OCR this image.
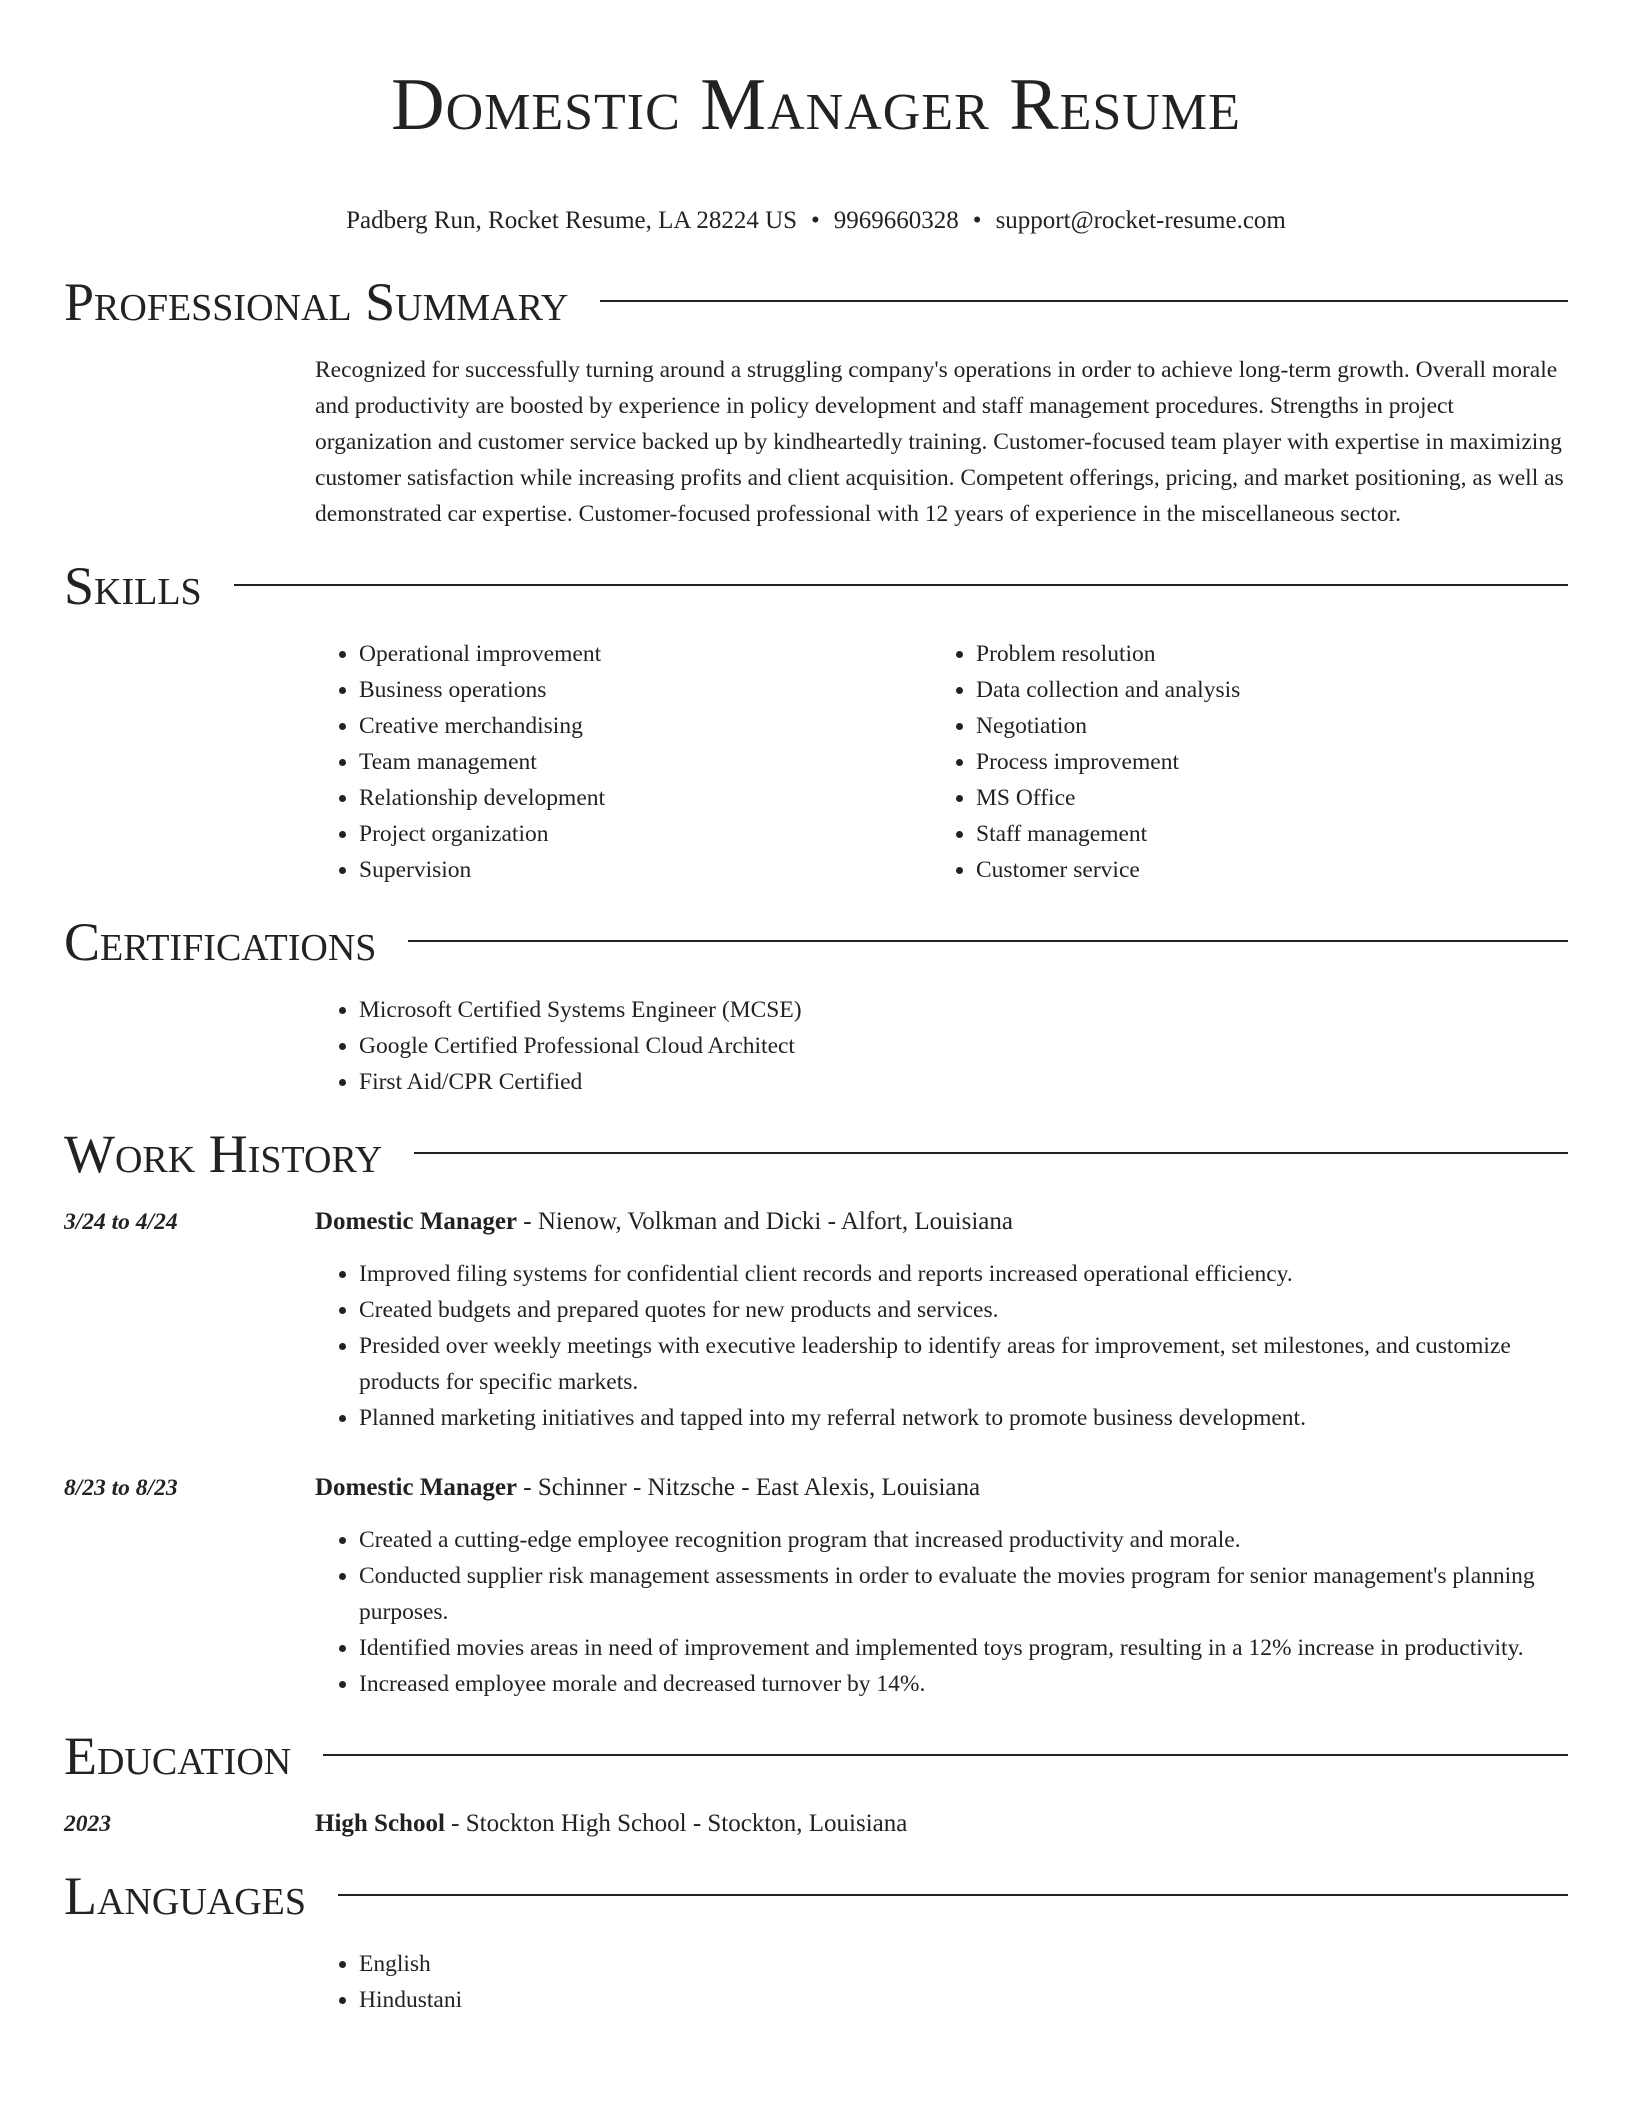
Domestic Manager Resume
Padberg Run, Rocket Resume, LA 28224 US • 9969660328 • support@rocket-resume.com
Professional Summary
Recognized for successfully turning around a struggling company's operations in order to achieve long-term growth. Overall morale and productivity are boosted by experience in policy development and staff management procedures. Strengths in project organization and customer service backed up by kindheartedly training. Customer-focused team player with expertise in maximizing customer satisfaction while increasing profits and client acquisition. Competent offerings, pricing, and market positioning, as well as demonstrated car expertise. Customer-focused professional with 12 years of experience in the miscellaneous sector.
Skills
• Operational improvement
• Business operations
• Creative merchandising
• Team management
• Relationship development
• Project organization
• Supervision
• Problem resolution
• Data collection and analysis
• Negotiation
• Process improvement
• MS Office
• Staff management
• Customer service
Certifications
• Microsoft Certified Systems Engineer (MCSE)
• Google Certified Professional Cloud Architect
• First Aid/CPR Certified
Work History
3/24 to 4/24	Domestic Manager - Nienow, Volkman and Dicki - Alfort, Louisiana
• Improved filing systems for confidential client records and reports increased operational efficiency.
• Created budgets and prepared quotes for new products and services.
• Presided over weekly meetings with executive leadership to identify areas for improvement, set milestones, and customize products for specific markets.
• Planned marketing initiatives and tapped into my referral network to promote business development.
8/23 to 8/23	Domestic Manager - Schinner - Nitzsche - East Alexis, Louisiana
• Created a cutting-edge employee recognition program that increased productivity and morale.
• Conducted supplier risk management assessments in order to evaluate the movies program for senior management's planning purposes.
• Identified movies areas in need of improvement and implemented toys program, resulting in a 12% increase in productivity.
• Increased employee morale and decreased turnover by 14%.
Education
2023	High School - Stockton High School - Stockton, Louisiana
Languages
• English
• Hindustani
